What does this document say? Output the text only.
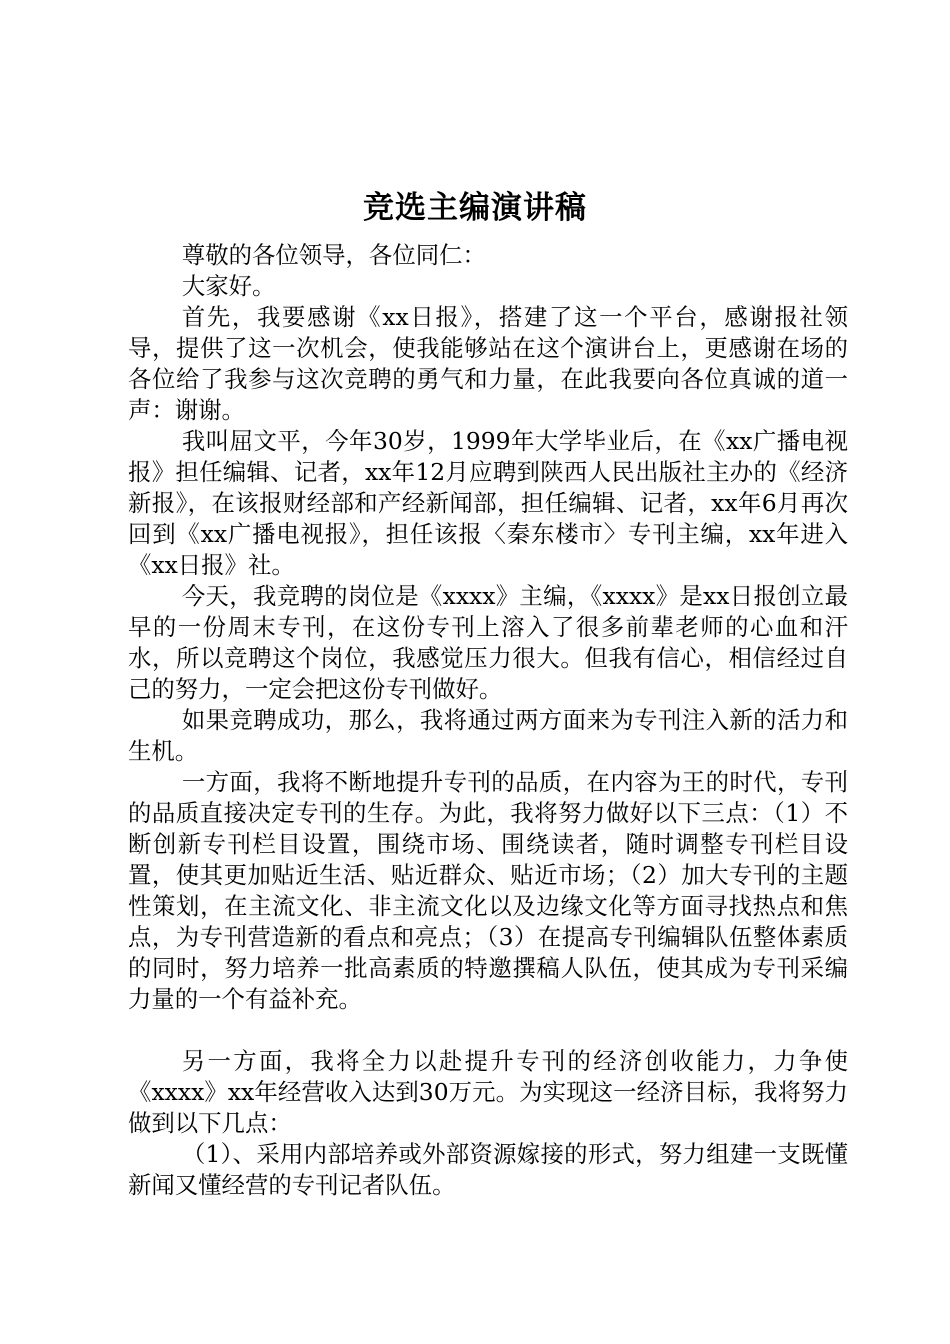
竞选主编演讲稿

尊敬的各位领导，各位同仁：

大家好。

首先，我要感谢《xx日报》，搭建了这一个平台，感谢报社领导，提供了这一次机会，使我能够站在这个演讲台上，更感谢在场的各位给了我参与这次竞聘的勇气和力量，在此我要向各位真诚的道一声：谢谢。

我叫屈文平，今年30岁，1999年大学毕业后，在《xx广播电视报》担任编辑、记者，xx年12月应聘到陕西人民出版社主办的《经济新报》，在该报财经部和产经新闻部，担任编辑、记者，xx年6月再次回到《xx广播电视报》，担任该报〈秦东楼市〉专刊主编，xx年进入《xx日报》社。

今天，我竞聘的岗位是《xxxx》主编，《xxxx》是xx日报创立最早的一份周末专刊，在这份专刊上溶入了很多前辈老师的心血和汗水，所以竞聘这个岗位，我感觉压力很大。但我有信心，相信经过自己的努力，一定会把这份专刊做好。

如果竞聘成功，那么，我将通过两方面来为专刊注入新的活力和生机。

一方面，我将不断地提升专刊的品质，在内容为王的时代，专刊的品质直接决定专刊的生存。为此，我将努力做好以下三点：（1）不断创新专刊栏目设置，围绕市场、围绕读者，随时调整专刊栏目设置，使其更加贴近生活、贴近群众、贴近市场；（2）加大专刊的主题性策划，在主流文化、非主流文化以及边缘文化等方面寻找热点和焦点，为专刊营造新的看点和亮点；（3）在提高专刊编辑队伍整体素质的同时，努力培养一批高素质的特邀撰稿人队伍，使其成为专刊采编力量的一个有益补充。

另一方面，我将全力以赴提升专刊的经济创收能力，力争使《xxxx》xx年经营收入达到30万元。为实现这一经济目标，我将努力做到以下几点：

（1）、采用内部培养或外部资源嫁接的形式，努力组建一支既懂新闻又懂经营的专刊记者队伍。
